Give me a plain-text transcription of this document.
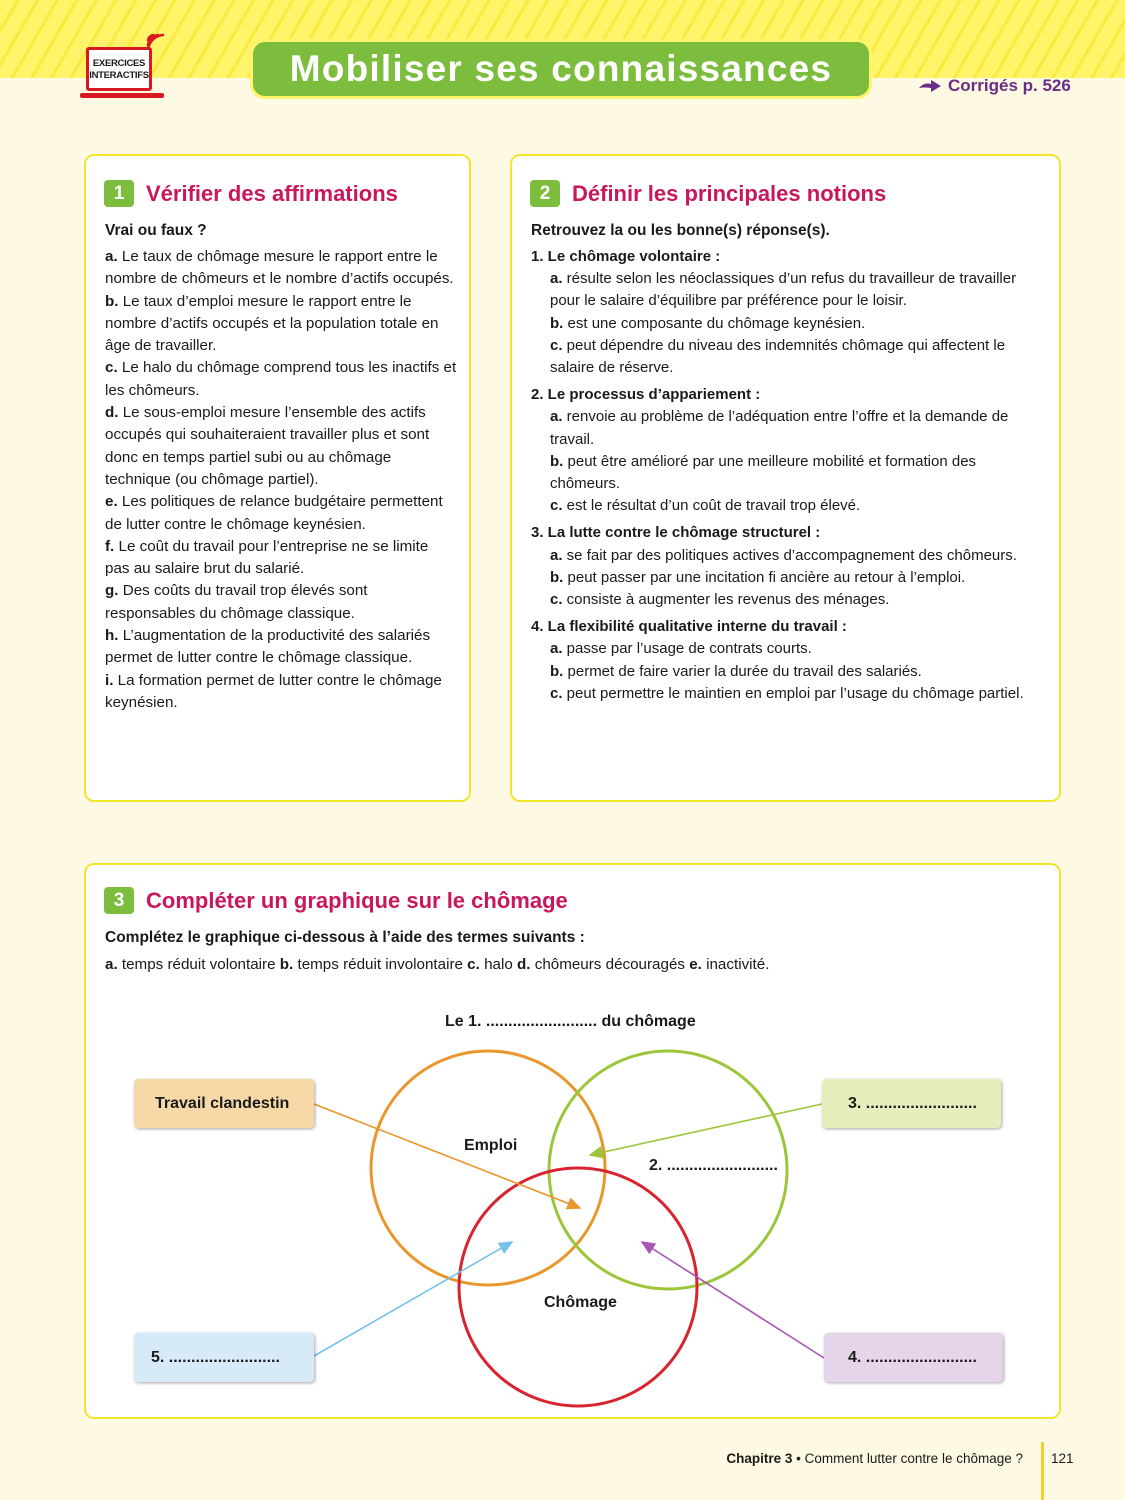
EXERCICES
INTERACTIFS	Mobiliser ses connaissances	Corrigés p. 526
1 Vérifier des affirmations
Vrai ou faux ?

a. Le taux de chômage mesure le rapport entre le nombre de chômeurs et le nombre d’actifs occupés.

b. Le taux d’emploi mesure le rapport entre le nombre d’actifs occupés et la population totale en âge de travailler.

c. Le halo du chômage comprend tous les inactifs et les chômeurs.

d. Le sous-emploi mesure l’ensemble des actifs occupés qui souhaiteraient travailler plus et sont donc en temps partiel subi ou au chômage technique (ou chômage partiel).

e. Les politiques de relance budgétaire permettent de lutter contre le chômage keynésien.

f. Le coût du travail pour l’entreprise ne se limite pas au salaire brut du salarié.

g. Des coûts du travail trop élevés sont responsables du chômage classique.

h. L’augmentation de la productivité des salariés permet de lutter contre le chômage classique.

i. La formation permet de lutter contre le chômage keynésien.

2 Définir les principales notions
Retrouvez la ou les bonne(s) réponse(s).

1. Le chômage volontaire :

a. résulte selon les néoclassiques d’un refus du travailleur de travailler pour le salaire d’équilibre par préférence pour le loisir.

b. est une composante du chômage keynésien.

c. peut dépendre du niveau des indemnités chômage qui affectent le salaire de réserve.

2. Le processus d’appariement :

a. renvoie au problème de l’adéquation entre l’offre et la demande de travail.

b. peut être amélioré par une meilleure mobilité et formation des chômeurs.

c. est le résultat d’un coût de travail trop élevé.

3. La lutte contre le chômage structurel :

a. se fait par des politiques actives d’accompagnement des chômeurs.

b. peut passer par une incitation fi ancière au retour à l’emploi.

c. consiste à augmenter les revenus des ménages.

4. La flexibilité qualitative interne du travail :

a. passe par l’usage de contrats courts.

b. permet de faire varier la durée du travail des salariés.

c. peut permettre le maintien en emploi par l’usage du chômage partiel.

3 Compléter un graphique sur le chômage
Complétez le graphique ci-dessous à l’aide des termes suivants :
a. temps réduit volontaire b. temps réduit involontaire c. halo d. chômeurs découragés e. inactivité.
Le 1. ......................... du chômage
Emploi
2. .........................
Chômage
Travail clandestin	3. .........................
5. .........................	4. .........................
Chapitre 3 • Comment lutter contre le chômage ? 121
